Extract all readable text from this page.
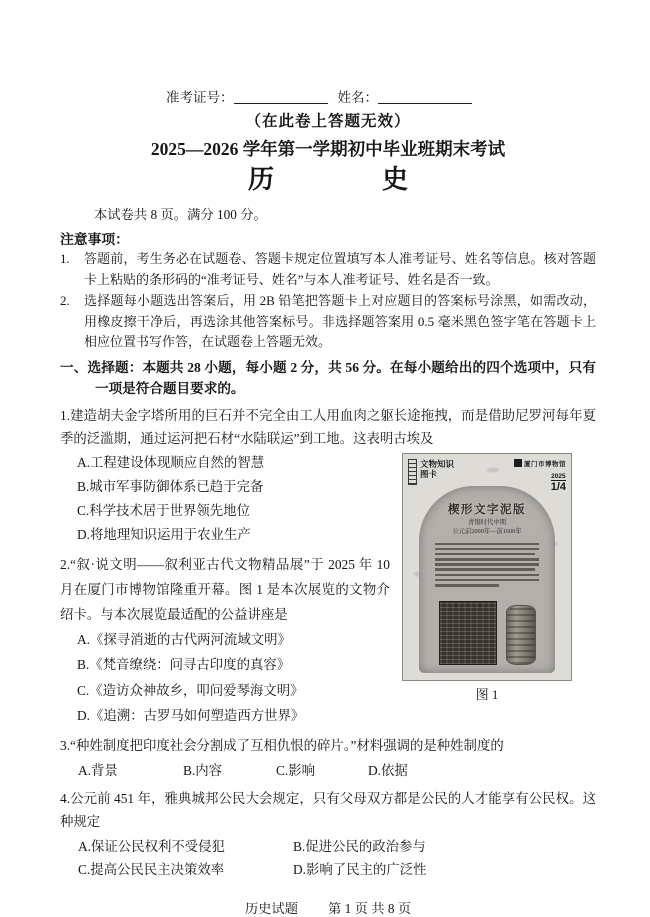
准考证号：	姓名：
（在此卷上答题无效）
2025—2026 学年第一学期初中毕业班期末考试
历	史
本试卷共 8 页。满分 100 分。
注意事项：
1.	答题前，考生务必在试题卷、答题卡规定位置填写本人准考证号、姓名等信息。核对答题卡上粘贴的条形码的“准考证号、姓名”与本人准考证号、姓名是否一致。
2.	选择题每小题选出答案后，用 2B 铅笔把答题卡上对应题目的答案标号涂黑，如需改动，用橡皮擦干净后，再选涂其他答案标号。非选择题答案用 0.5 毫米黑色签字笔在答题卡上相应位置书写作答，在试题卷上答题无效。
一、选择题：本题共 28 小题，每小题 2 分，共 56 分。在每小题给出的四个选项中，只有一项是符合题目要求的。
1.建造胡夫金字塔所用的巨石并不完全由工人用血肉之躯长途拖拽，而是借助尼罗河每年夏季的泛滥期，通过运河把石材“水陆联运”到工地。这表明古埃及
文物知识图卡
厦门市博物馆
2025
1/4
楔形文字泥版
青铜时代中期
公元前2000年—前1600年
图 1
A.工程建设体现顺应自然的智慧
B.城市军事防御体系已趋于完备
C.科学技术居于世界领先地位
D.将地理知识运用于农业生产
2.“叙·说文明——叙利亚古代文物精品展”于 2025 年 10 月在厦门市博物馆隆重开幕。图 1 是本次展览的文物介绍卡。与本次展览最适配的公益讲座是
A.《探寻消逝的古代两河流域文明》
B.《梵音缭绕：问寻古印度的真容》
C.《造访众神故乡，叩问爱琴海文明》
D.《追溯：古罗马如何塑造西方世界》
3.“种姓制度把印度社会分割成了互相仇恨的碎片。”材料强调的是种姓制度的
A.背景	B.内容	C.影响	D.依据
4.公元前 451 年，雅典城邦公民大会规定，只有父母双方都是公民的人才能享有公民权。这种规定
A.保证公民权利不受侵犯	B.促进公民的政治参与
C.提高公民民主决策效率	D.影响了民主的广泛性
历史试题 第 1 页 共 8 页
